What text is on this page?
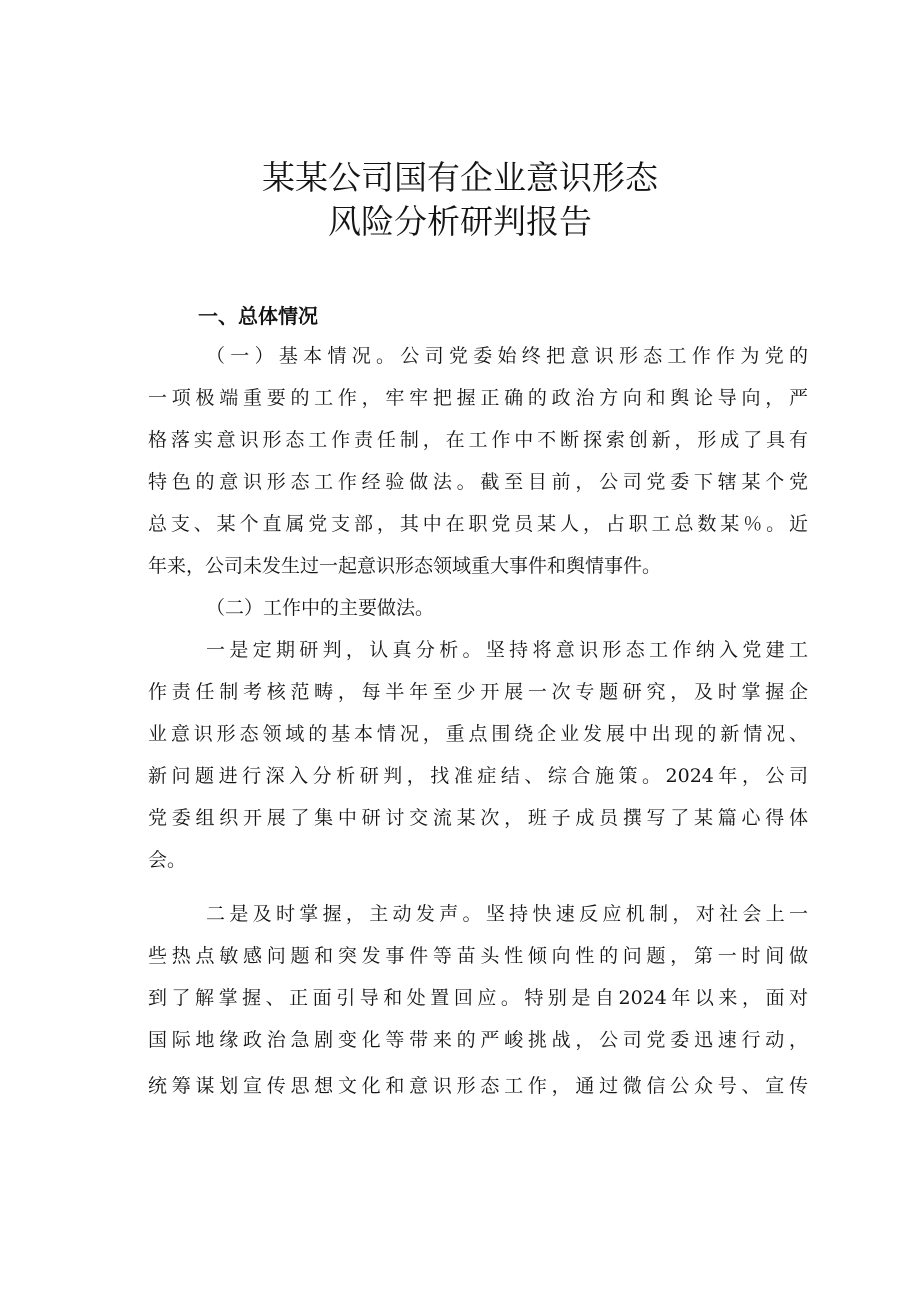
某某公司国有企业意识形态
风险分析研判报告
一、总体情况
（一）基本情况。公司党委始终把意识形态工作作为党的
一项极端重要的工作，牢牢把握正确的政治方向和舆论导向，严
格落实意识形态工作责任制，在工作中不断探索创新，形成了具有
特色的意识形态工作经验做法。截至目前，公司党委下辖某个党
总支、某个直属党支部，其中在职党员某人，占职工总数某％。近
年来，公司未发生过一起意识形态领域重大事件和舆情事件。
（二）工作中的主要做法。
一是定期研判，认真分析。坚持将意识形态工作纳入党建工
作责任制考核范畴，每半年至少开展一次专题研究，及时掌握企
业意识形态领域的基本情况，重点围绕企业发展中出现的新情况、
新问题进行深入分析研判，找准症结、综合施策。2024年，公司
党委组织开展了集中研讨交流某次，班子成员撰写了某篇心得体
会。
二是及时掌握，主动发声。坚持快速反应机制，对社会上一
些热点敏感问题和突发事件等苗头性倾向性的问题，第一时间做
到了解掌握、正面引导和处置回应。特别是自2024年以来，面对
国际地缘政治急剧变化等带来的严峻挑战，公司党委迅速行动，
统筹谋划宣传思想文化和意识形态工作，通过微信公众号、宣传
